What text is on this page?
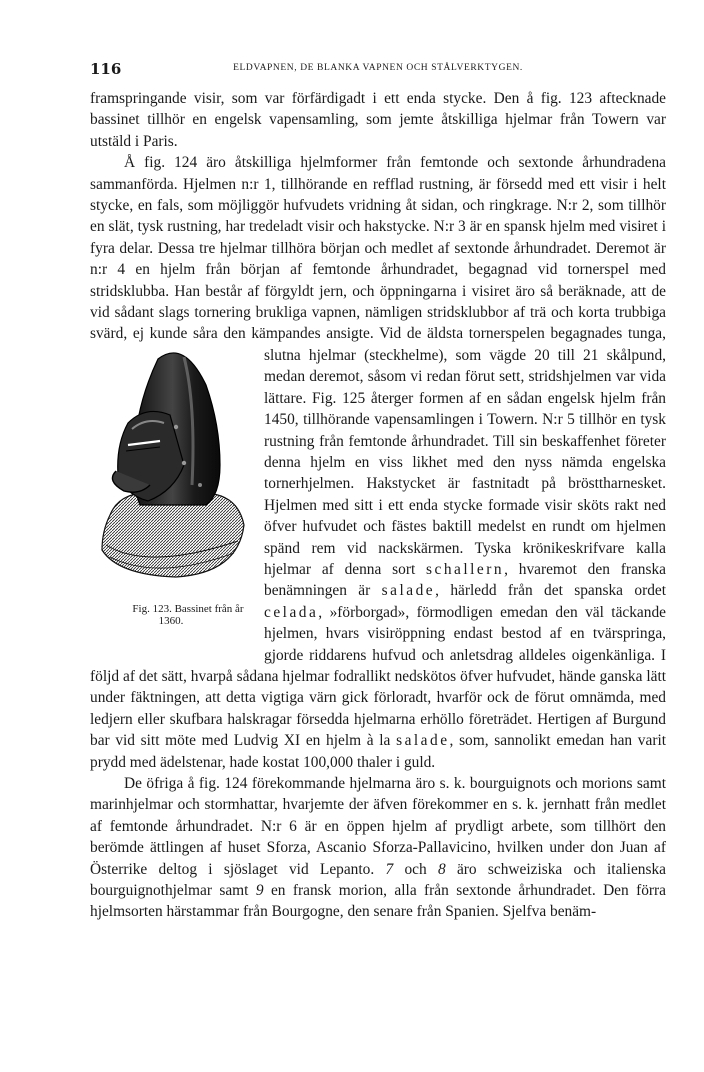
116	ELDVAPNEN, DE BLANKA VAPNEN OCH STÅLVERKTYGEN.

framspringande visir, som var förfärdigadt i ett enda stycke. Den å fig. 123 aftecknade bassinet tillhör en engelsk vapensamling, som jemte åtskilliga hjelmar från Towern var utstäld i Paris.

Å fig. 124 äro åtskilliga hjelmformer från femtonde och sextonde århundradena sammanförda. Hjelmen n:r 1, tillhörande en refflad rustning, är försedd med ett visir i helt stycke, en fals, som möjliggör hufvudets vridning åt sidan, och ringkrage. N:r 2, som tillhör en slät, tysk rustning, har tredeladt visir och hakstycke. N:r 3 är en spansk hjelm med visiret i fyra delar. Dessa tre hjelmar tillhöra början och medlet af sextonde århundradet. Deremot är n:r 4 en hjelm från början af femtonde århundradet, begagnad vid tornerspel med stridsklubba. Han består af förgyldt jern, och öppningarna i visiret äro så beräknade, att de vid sådant slags tornering brukliga vapnen, nämligen stridsklubbor af trä och korta trubbiga svärd, ej kunde såra den kämpandes ansigte. Vid de äldsta tornerspelen begagnades tunga, slutna hjelmar (steckhelme),
Fig. 123. Bassinet från år 1360.
som vägde 20 till 21 skålpund, medan deremot, såsom vi redan förut sett, stridshjelmen var vida lättare. Fig. 125 återger formen af en sådan engelsk hjelm från 1450, tillhörande vapensamlingen i Towern. N:r 5 tillhör en tysk rustning från femtonde århundradet. Till sin beskaffenhet företer denna hjelm en viss likhet med den nyss nämda engelska tornerhjelmen. Hakstycket är fastnitadt på brösttharnesket. Hjelmen med sitt i ett enda stycke formade visir sköts rakt ned öfver hufvudet och fästes baktill medelst en rundt om hjelmen spänd rem vid nackskärmen. Tyska krönikeskrifvare kalla hjelmar af denna sort schallern, hvaremot den franska benämningen är salade, härledd från det spanska ordet celada, »förborgad», förmodligen emedan den väl täckande hjelmen, hvars visiröppning endast bestod af en tvärspringa, gjorde riddarens hufvud och anletsdrag alldeles oigenkänliga. I följd af det sätt, hvarpå sådana hjelmar fodrallikt nedskötos öfver hufvudet, hände ganska lätt under fäktningen, att detta vigtiga värn gick förloradt, hvarför ock de förut omnämda, med ledjern eller skufbara halskragar försedda hjelmarna erhöllo företrädet. Hertigen af Burgund bar vid sitt möte med Ludvig XI en hjelm à la salade, som, sannolikt emedan han varit prydd med ädelstenar, hade kostat 100,000 thaler i guld.

De öfriga å fig. 124 förekommande hjelmarna äro s. k. bourguignots och morions samt marinhjelmar och stormhattar, hvarjemte der äfven förekommer en s. k. jernhatt från medlet af femtonde århundradet. N:r 6 är en öppen hjelm af prydligt arbete, som tillhört den berömde ättlingen af huset Sforza, Ascanio Sforza-Pallavicino, hvilken under don Juan af Österrike deltog i sjöslaget vid Lepanto. 7 och 8 äro schweiziska och italienska bourguignothjelmar samt 9 en fransk morion, alla från sextonde århundradet. Den förra hjelmsorten härstammar från Bourgogne, den senare från Spanien. Sjelfva benäm-
